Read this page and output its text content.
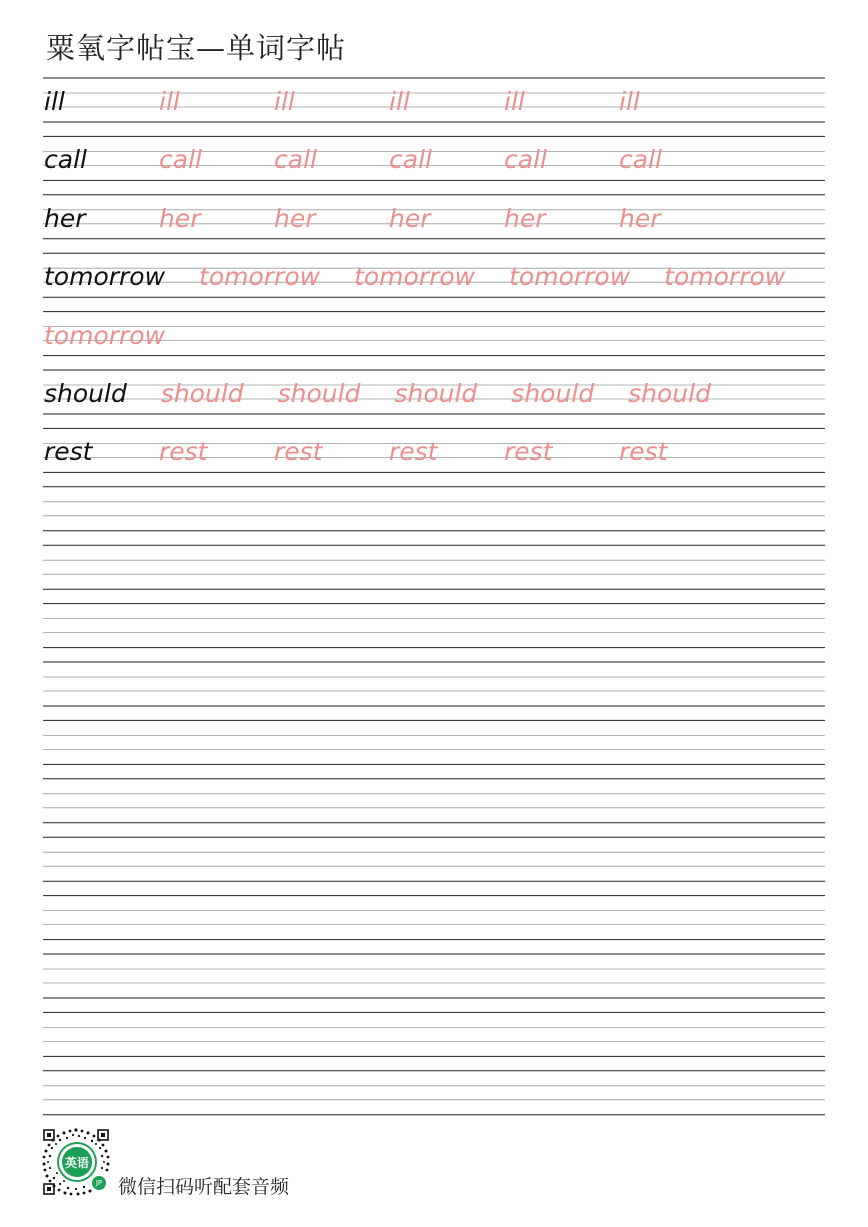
粟氧字帖宝—单词字帖
ill	ill	ill	ill	ill	ill
call	call	call	call	call	call
her	her	her	her	her	her
tomorrow tomorrow tomorrow tomorrow tomorrow
tomorrow
should should should should should should
rest	rest	rest	rest	rest	rest
英语
JP 微信扫码听配套音频
